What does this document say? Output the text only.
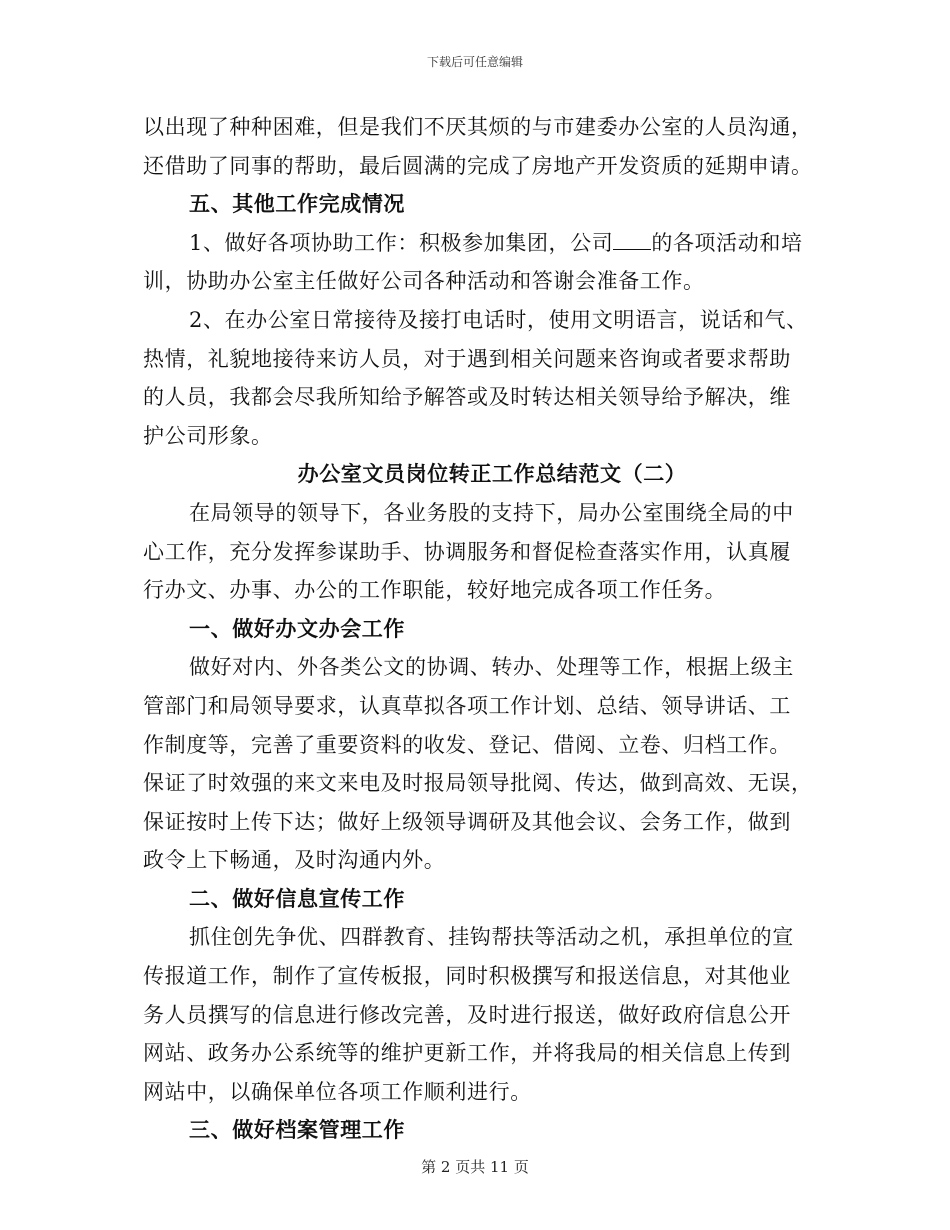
下载后可任意编辑
以出现了种种困难，但是我们不厌其烦的与市建委办公室的人员沟通，
还借助了同事的帮助，最后圆满的完成了房地产开发资质的延期申请。
五、其他工作完成情况
1、做好各项协助工作：积极参加集团，公司 的各项活动和培
训，协助办公室主任做好公司各种活动和答谢会准备工作。
2、在办公室日常接待及接打电话时，使用文明语言，说话和气、
热情，礼貌地接待来访人员，对于遇到相关问题来咨询或者要求帮助
的人员，我都会尽我所知给予解答或及时转达相关领导给予解决，维
护公司形象。
办公室文员岗位转正工作总结范文（二）
在局领导的领导下，各业务股的支持下，局办公室围绕全局的中
心工作，充分发挥参谋助手、协调服务和督促检查落实作用，认真履
行办文、办事、办公的工作职能，较好地完成各项工作任务。
一、做好办文办会工作
做好对内、外各类公文的协调、转办、处理等工作，根据上级主
管部门和局领导要求，认真草拟各项工作计划、总结、领导讲话、工
作制度等，完善了重要资料的收发、登记、借阅、立卷、归档工作。
保证了时效强的来文来电及时报局领导批阅、传达，做到高效、无误，
保证按时上传下达；做好上级领导调研及其他会议、会务工作，做到
政令上下畅通，及时沟通内外。
二、做好信息宣传工作
抓住创先争优、四群教育、挂钩帮扶等活动之机，承担单位的宣
传报道工作，制作了宣传板报，同时积极撰写和报送信息，对其他业
务人员撰写的信息进行修改完善，及时进行报送，做好政府信息公开
网站、政务办公系统等的维护更新工作，并将我局的相关信息上传到
网站中，以确保单位各项工作顺利进行。
三、做好档案管理工作
第 2 页共 11 页
